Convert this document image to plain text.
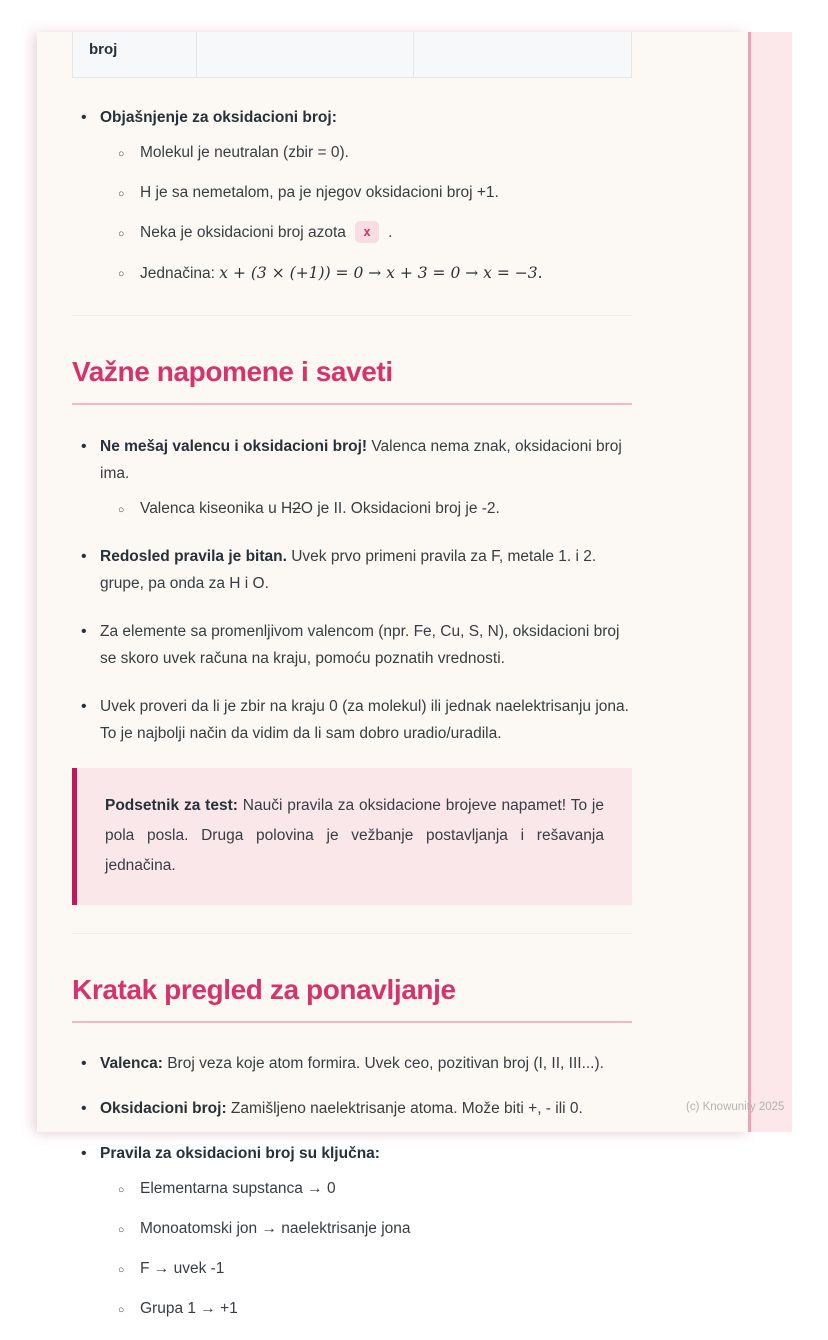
broj
• Objašnjenje za oksidacioni broj:
○ Molekul je neutralan (zbir = 0).
○ H je sa nemetalom, pa je njegov oksidacioni broj +1.
○ Neka je oksidacioni broj azota x .
○ Jednačina: x + (3 × (+1)) = 0 → x + 3 = 0 → x = −3.
Važne napomene i saveti
• Ne mešaj valencu i oksidacioni broj! Valenca nema znak, oksidacioni broj ima.
○ Valenca kiseonika u H2O je II. Oksidacioni broj je -2.
• Redosled pravila je bitan. Uvek prvo primeni pravila za F, metale 1. i 2. grupe, pa onda za H i O.
• Za elemente sa promenljivom valencom (npr. Fe, Cu, S, N), oksidacioni broj se skoro uvek računa na kraju, pomoću poznatih vrednosti.
• Uvek proveri da li je zbir na kraju 0 (za molekul) ili jednak naelektrisanju jona. To je najbolji način da vidim da li sam dobro uradio/uradila.
Podsetnik za test: Nauči pravila za oksidacione brojeve napamet! To je pola posla. Druga polovina je vežbanje postavljanja i rešavanja jednačina.
Kratak pregled za ponavljanje
• Valenca: Broj veza koje atom formira. Uvek ceo, pozitivan broj (I, II, III...).
• Oksidacioni broj: Zamišljeno naelektrisanje atoma. Može biti +, - ili 0.
• Pravila za oksidacioni broj su ključna:
○ Elementarna supstanca → 0
○ Monoatomski jon → naelektrisanje jona
○ F → uvek -1
○ Grupa 1 → +1
(c) Knowunity 2025
